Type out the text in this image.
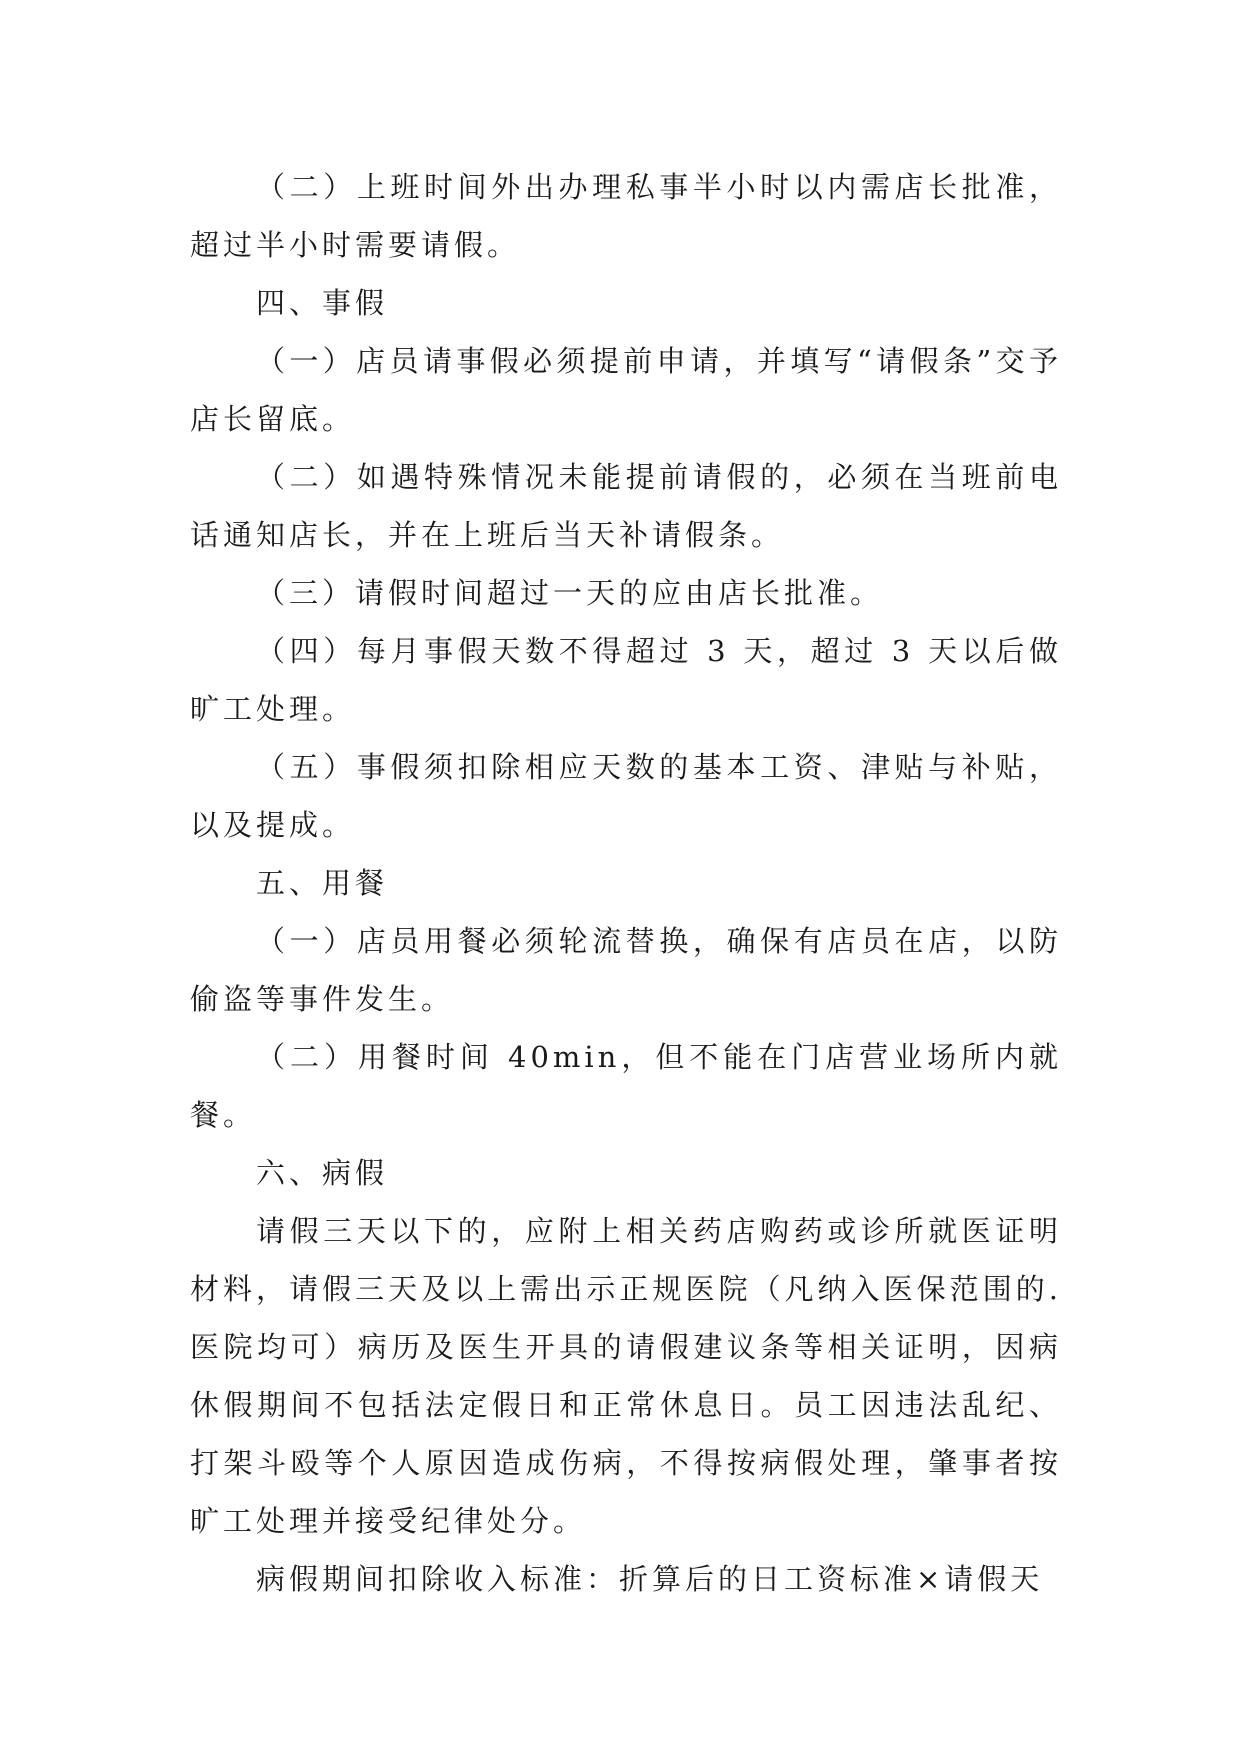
（二）上班时间外出办理私事半小时以内需店长批准，超过半小时需要请假。

四、事假

（一）店员请事假必须提前申请，并填写“请假条”交予店长留底。

（二）如遇特殊情况未能提前请假的，必须在当班前电话通知店长，并在上班后当天补请假条。

（三）请假时间超过一天的应由店长批准。

（四）每月事假天数不得超过 3 天，超过 3 天以后做旷工处理。

（五）事假须扣除相应天数的基本工资、津贴与补贴，以及提成。

五、用餐

（一）店员用餐必须轮流替换，确保有店员在店，以防偷盗等事件发生。

（二）用餐时间 40min，但不能在门店营业场所内就餐。

六、病假

请假三天以下的，应附上相关药店购药或诊所就医证明材料，请假三天及以上需出示正规医院（凡纳入医保范围的.医院均可）病历及医生开具的请假建议条等相关证明，因病休假期间不包括法定假日和正常休息日。员工因违法乱纪、打架斗殴等个人原因造成伤病，不得按病假处理，肇事者按旷工处理并接受纪律处分。

病假期间扣除收入标准：折算后的日工资标准×请假天
